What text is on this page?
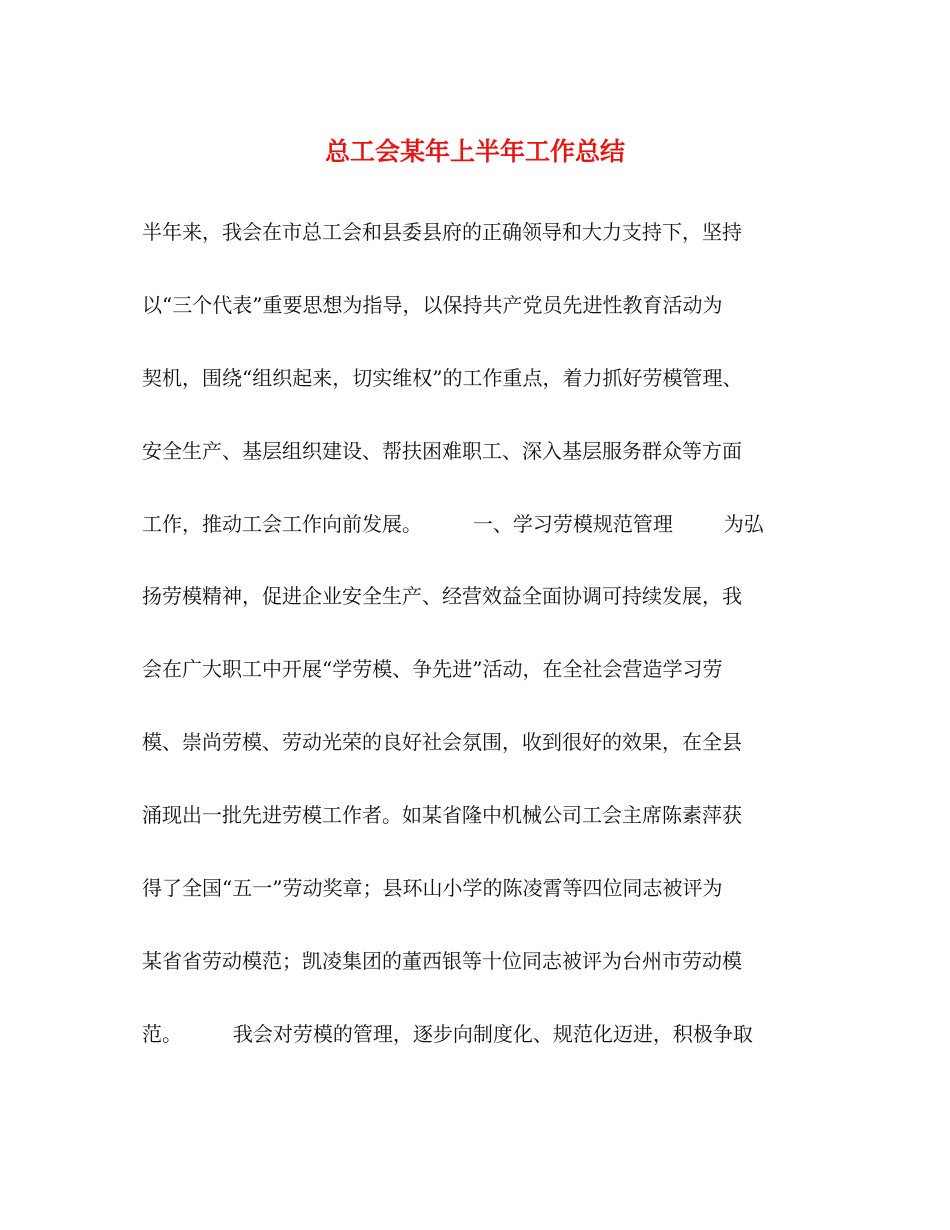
总工会某年上半年工作总结
半年来，我会在市总工会和县委县府的正确领导和大力支持下，坚持
以“三个代表”重要思想为指导，以保持共产党员先进性教育活动为
契机，围绕“组织起来，切实维权”的工作重点，着力抓好劳模管理、
安全生产、基层组织建设、帮扶困难职工、深入基层服务群众等方面
工作，推动工会工作向前发展。        一、学习劳模规范管理        为弘
扬劳模精神，促进企业安全生产、经营效益全面协调可持续发展，我
会在广大职工中开展“学劳模、争先进”活动，在全社会营造学习劳
模、崇尚劳模、劳动光荣的良好社会氛围，收到很好的效果，在全县
涌现出一批先进劳模工作者。如某省隆中机械公司工会主席陈素萍获
得了全国“五一”劳动奖章；县环山小学的陈凌霄等四位同志被评为
某省省劳动模范；凯凌集团的董西银等十位同志被评为台州市劳动模
范。        我会对劳模的管理，逐步向制度化、规范化迈进，积极争取
